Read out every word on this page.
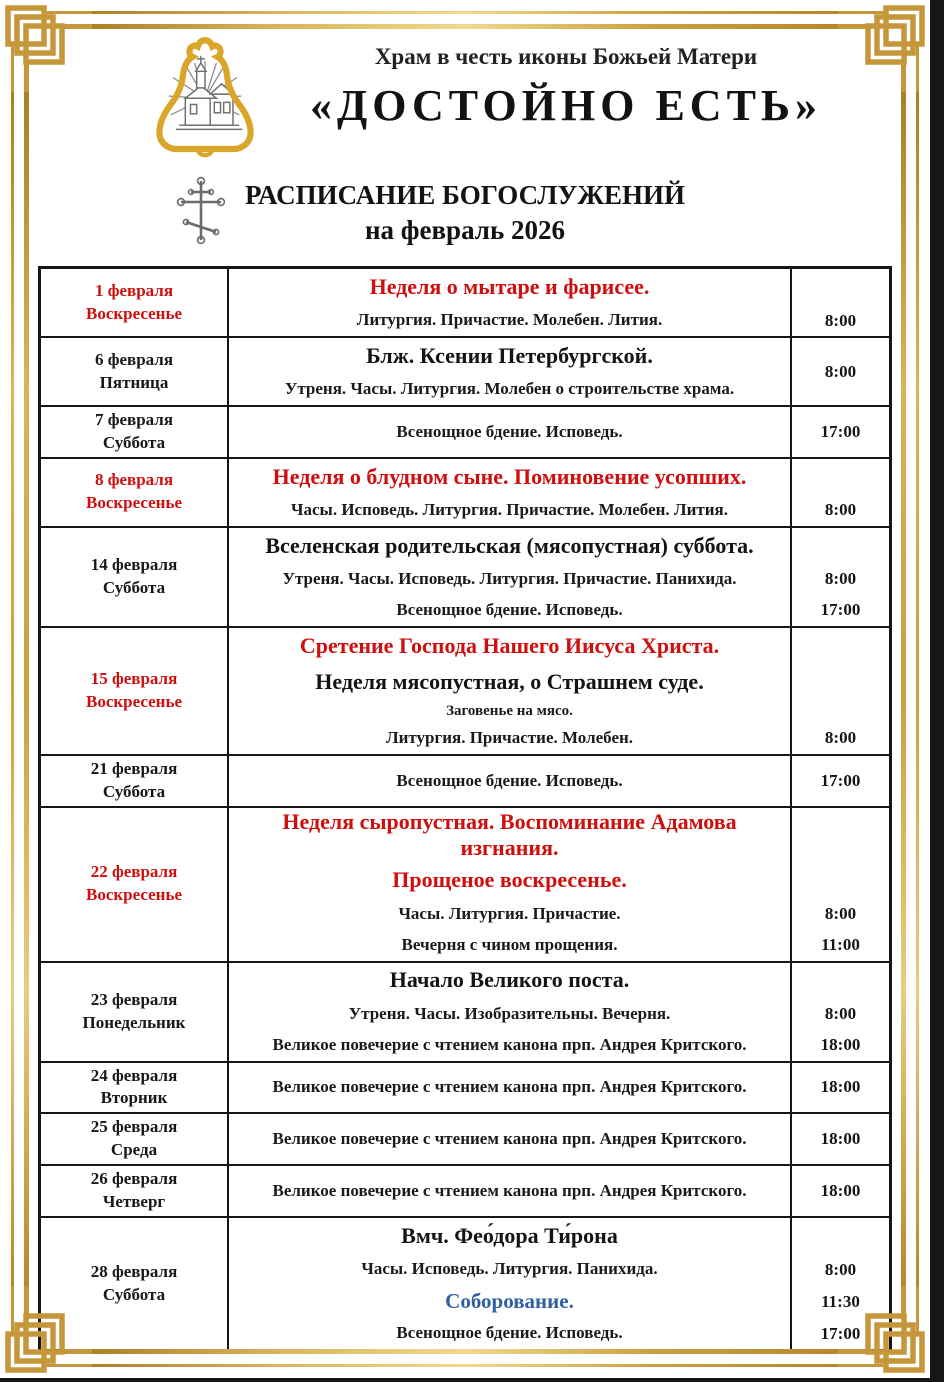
Храм в честь иконы Божьей Матери
«ДОСТОЙНО ЕСТЬ»
РАСПИСАНИЕ БОГОСЛУЖЕНИЙ
на февраль 2026
1 февраля
Воскресенье
Неделя о мытаре и фарисее.
Литургия. Причастие. Молебен. Лития.	8:00
6 февраля
Пятница
Блж. Ксении Петербургской.
Утреня. Часы. Литургия. Молебен о строительстве храма.
8:00
7 февраля
Суббота
Всенощное бдение. Исповедь.	17:00
8 февраля
Воскресенье
Неделя о блудном сыне. Поминовение усопших.
Часы. Исповедь. Литургия. Причастие. Молебен. Лития.	8:00
14 февраля
Суббота
Вселенская родительская (мясопустная) суббота.
Утреня. Часы. Исповедь. Литургия. Причастие. Панихида.	8:00
Всенощное бдение. Исповедь.	17:00
15 февраля
Воскресенье
Сретение Господа Нашего Иисуса Христа.
Неделя мясопустная, о Страшнем суде.
Заговенье на мясо.
Литургия. Причастие. Молебен.	8:00
21 февраля
Суббота
Всенощное бдение. Исповедь.	17:00
22 февраля
Воскресенье
Неделя сыропустная. Воспоминание Адамова изгнания.
Прощеное воскресенье.
Часы. Литургия. Причастие.	8:00
Вечерня с чином прощения.	11:00
23 февраля
Понедельник
Начало Великого поста.
Утреня. Часы. Изобразительны. Вечерня.	8:00
Великое повечерие с чтением канона прп. Андрея Критского.	18:00
24 февраля
Вторник
Великое повечерие с чтением канона прп. Андрея Критского.	18:00
25 февраля
Среда
Великое повечерие с чтением канона прп. Андрея Критского.	18:00
26 февраля
Четверг
Великое повечерие с чтением канона прп. Андрея Критского.	18:00
28 февраля
Суббота
Вмч. Фео́дора Ти́рона
Часы. Исповедь. Литургия. Панихида.	8:00
Соборование.	11:30
Всенощное бдение. Исповедь.	17:00
